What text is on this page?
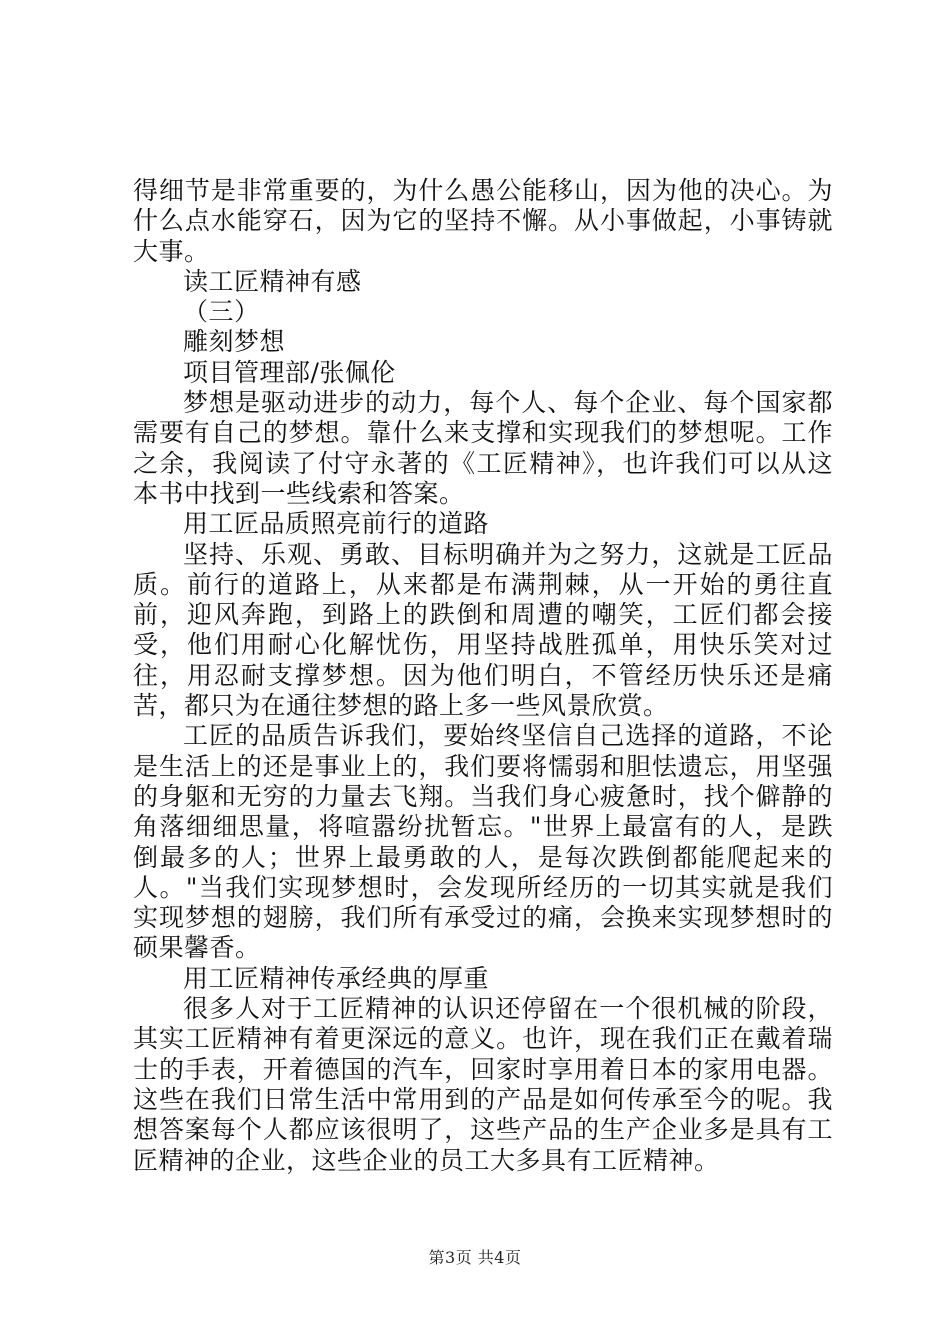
得细节是非常重要的，为什么愚公能移山，因为他的决心。为什么点水能穿石，因为它的坚持不懈。从小事做起，小事铸就大事。

读工匠精神有感

（三）

雕刻梦想

项目管理部/张佩伦

梦想是驱动进步的动力，每个人、每个企业、每个国家都需要有自己的梦想。靠什么来支撑和实现我们的梦想呢。工作之余，我阅读了付守永著的《工匠精神》，也许我们可以从这本书中找到一些线索和答案。

用工匠品质照亮前行的道路

坚持、乐观、勇敢、目标明确并为之努力，这就是工匠品质。前行的道路上，从来都是布满荆棘，从一开始的勇往直前，迎风奔跑，到路上的跌倒和周遭的嘲笑，工匠们都会接受，他们用耐心化解忧伤，用坚持战胜孤单，用快乐笑对过往，用忍耐支撑梦想。因为他们明白，不管经历快乐还是痛苦，都只为在通往梦想的路上多一些风景欣赏。

工匠的品质告诉我们，要始终坚信自己选择的道路，不论是生活上的还是事业上的，我们要将懦弱和胆怯遗忘，用坚强的身躯和无穷的力量去飞翔。当我们身心疲惫时，找个僻静的角落细细思量，将喧嚣纷扰暂忘。"世界上最富有的人，是跌倒最多的人；世界上最勇敢的人，是每次跌倒都能爬起来的人。"当我们实现梦想时，会发现所经历的一切其实就是我们实现梦想的翅膀，我们所有承受过的痛，会换来实现梦想时的硕果馨香。

用工匠精神传承经典的厚重

很多人对于工匠精神的认识还停留在一个很机械的阶段，其实工匠精神有着更深远的意义。也许，现在我们正在戴着瑞士的手表，开着德国的汽车，回家时享用着日本的家用电器。这些在我们日常生活中常用到的产品是如何传承至今的呢。我想答案每个人都应该很明了，这些产品的生产企业多是具有工匠精神的企业，这些企业的员工大多具有工匠精神。

第3页 共4页
